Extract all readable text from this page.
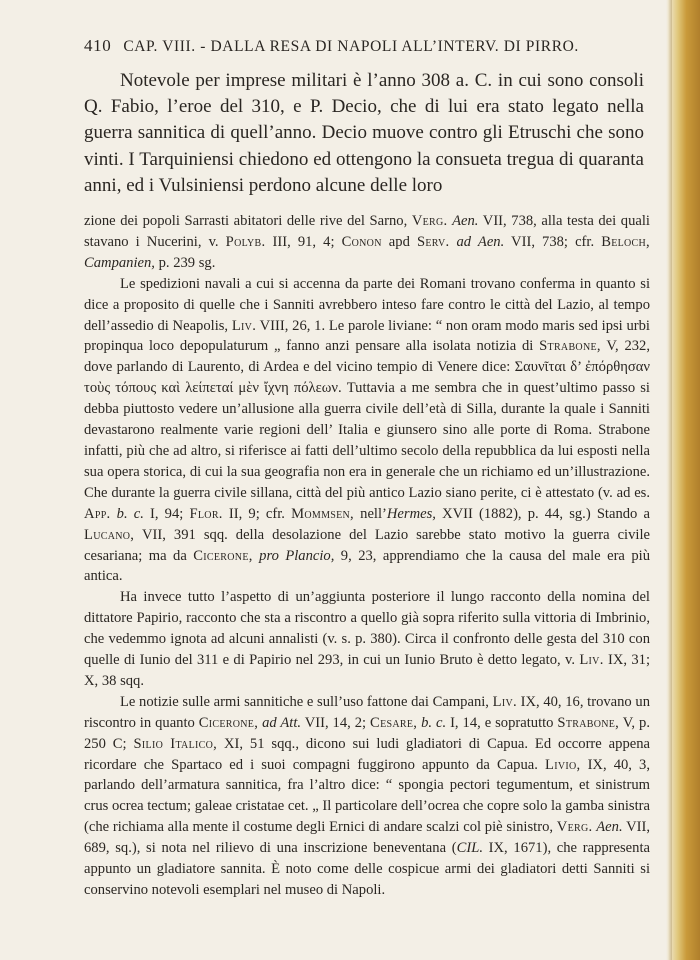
410 CAP. VIII. - DALLA RESA DI NAPOLI ALL’INTERV. DI PIRRO.

Notevole per imprese militari è l’anno 308 a. C. in cui sono consoli Q. Fabio, l’eroe del 310, e P. Decio, che di lui era stato legato nella guerra sannitica di quell’anno. Decio muove contro gli Etruschi che sono vinti. I Tarquiniensi chiedono ed ottengono la consueta tregua di quaranta anni, ed i Vulsiniensi perdono alcune delle loro

zione dei popoli Sarrasti abitatori delle rive del Sarno, Verg. Aen. VII, 738, alla testa dei quali stavano i Nucerini, v. Polyb. III, 91, 4; Conon apd Serv. ad Aen. VII, 738; cfr. Beloch, Campanien, p. 239 sg.

Le spedizioni navali a cui si accenna da parte dei Romani trovano conferma in quanto si dice a proposito di quelle che i Sanniti avrebbero inteso fare contro le città del Lazio, al tempo dell’assedio di Neapolis, Liv. VIII, 26, 1. Le parole liviane: “ non oram modo maris sed ipsi urbi propinqua loco depopulaturum „ fanno anzi pensare alla isolata notizia di Strabone, V, 232, dove parlando di Laurento, di Ardea e del vicino tempio di Venere dice: Σαυνῖται δ’ ἐπόρθησαν τοὺς τόπους καὶ λείπεταί μὲν ἴχνη πόλεων. Tuttavia a me sembra che in quest’ultimo passo si debba piuttosto vedere un’allusione alla guerra civile dell’età di Silla, durante la quale i Sanniti devastarono realmente varie regioni dell’ Italia e giunsero sino alle porte di Roma. Strabone infatti, più che ad altro, si riferisce ai fatti dell’ultimo secolo della repubblica da lui esposti nella sua opera storica, di cui la sua geografia non era in generale che un richiamo ed un’illustrazione. Che durante la guerra civile sillana, città del più antico Lazio siano perite, ci è attestato (v. ad es. App. b. c. I, 94; Flor. II, 9; cfr. Mommsen, nell’Hermes, XVII (1882), p. 44, sg.) Stando a Lucano, VII, 391 sqq. della desolazione del Lazio sarebbe stato motivo la guerra civile cesariana; ma da Cicerone, pro Plancio, 9, 23, apprendiamo che la causa del male era più antica.

Ha invece tutto l’aspetto di un’aggiunta posteriore il lungo racconto della nomina del dittatore Papirio, racconto che sta a riscontro a quello già sopra riferito sulla vittoria di Imbrinio, che vedemmo ignota ad alcuni annalisti (v. s. p. 380). Circa il confronto delle gesta del 310 con quelle di Iunio del 311 e di Papirio nel 293, in cui un Iunio Bruto è detto legato, v. Liv. IX, 31; X, 38 sqq.

Le notizie sulle armi sannitiche e sull’uso fattone dai Campani, Liv. IX, 40, 16, trovano un riscontro in quanto Cicerone, ad Att. VII, 14, 2; Cesare, b. c. I, 14, e sopratutto Strabone, V, p. 250 C; Silio Italico, XI, 51 sqq., dicono sui ludi gladiatori di Capua. Ed occorre appena ricordare che Spartaco ed i suoi compagni fuggirono appunto da Capua. Livio, IX, 40, 3, parlando dell’armatura sannitica, fra l’altro dice: “ spongia pectori tegumentum, et sinistrum crus ocrea tectum; galeae cristatae cet. „ Il particolare dell’ocrea che copre solo la gamba sinistra (che richiama alla mente il costume degli Ernici di andare scalzi col piè sinistro, Verg. Aen. VII, 689, sq.), si nota nel rilievo di una inscrizione beneventana (CIL. IX, 1671), che rappresenta appunto un gladiatore sannita. È noto come delle cospicue armi dei gladiatori detti Sanniti si conservino notevoli esemplari nel museo di Napoli.
